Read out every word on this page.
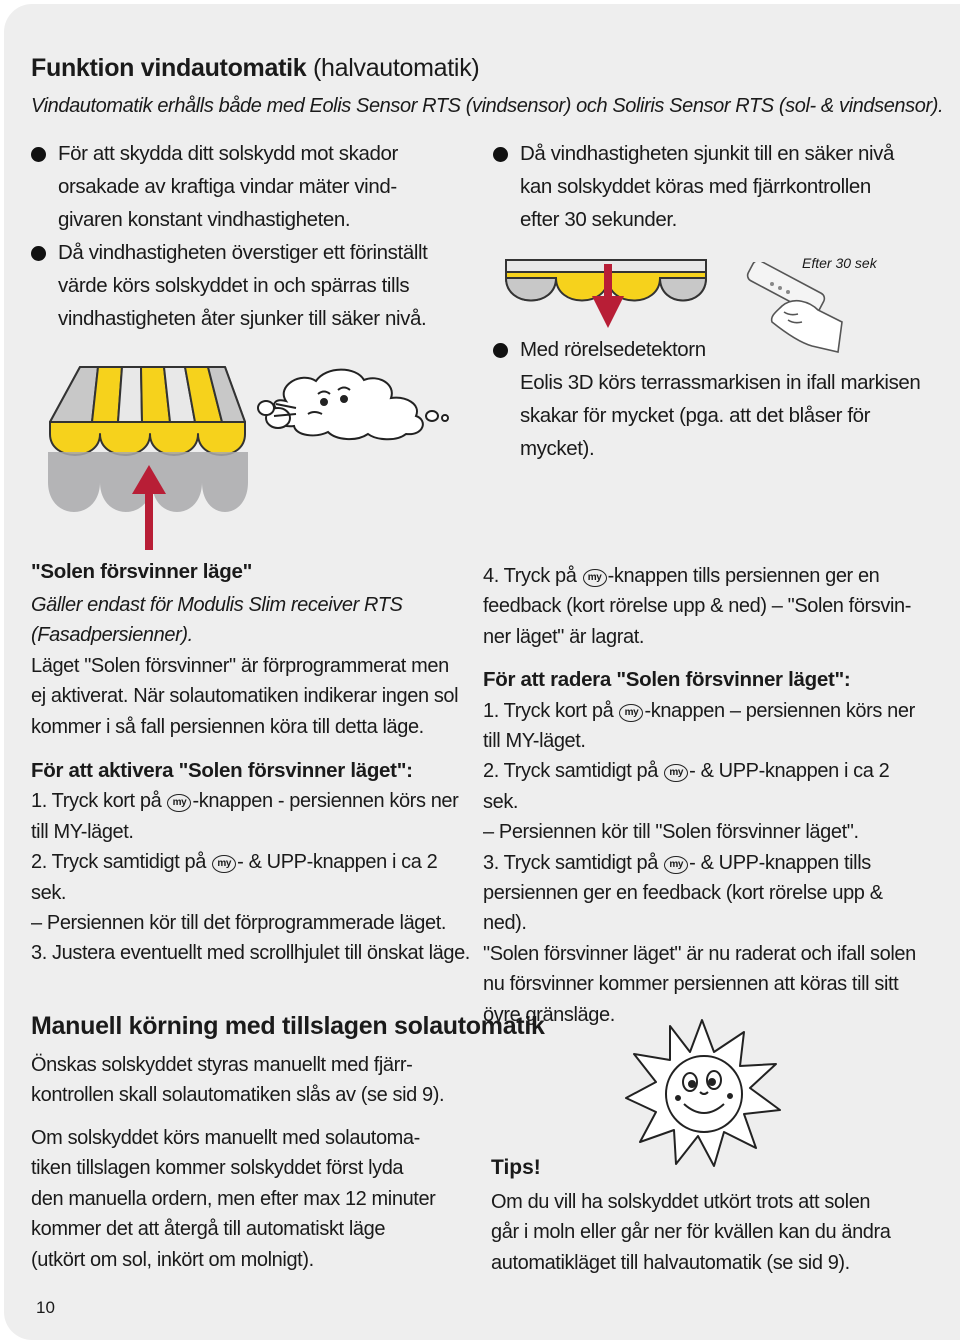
Funktion vindautomatik (halvautomatik)
Vindautomatik erhålls både med Eolis Sensor RTS (vindsensor) och Soliris Sensor RTS (sol- & vindsensor).
För att skydda ditt solskydd mot skador
orsakade av kraftiga vindar mäter vind-
givaren konstant vindhastigheten.
Då vindhastigheten överstiger ett förinställt
värde körs solskyddet in och spärras tills
vindhastigheten åter sjunker till säker nivå.
Då vindhastigheten sjunkit till en säker nivå
kan solskyddet köras med fjärrkontrollen
efter 30 sekunder.
Med rörelsedetektorn
Eolis 3D körs terrassmarkisen in ifall markisen
skakar för mycket (pga. att det blåser för
mycket).
Efter 30 sek
"Solen försvinner läge"
Gäller endast för Modulis Slim receiver RTS
(Fasadpersienner).
Läget "Solen försvinner" är förprogrammerat men
ej aktiverat. När solautomatiken indikerar ingen sol
kommer i så fall persiennen köra till detta läge.
För att aktivera "Solen försvinner läget":
1. Tryck kort på my -knappen - persiennen körs ner
till MY-läget.
2. Tryck samtidigt på my - & UPP-knappen i ca 2 sek.
– Persiennen kör till det förprogrammerade läget.
3. Justera eventuellt med scrollhjulet till önskat läge.
4. Tryck på my -knappen tills persiennen ger en
feedback (kort rörelse upp & ned) – "Solen försvin-
ner läget" är lagrat.
För att radera "Solen försvinner läget":
1. Tryck kort på my -knappen – persiennen körs ner
till MY-läget.
2. Tryck samtidigt på my - & UPP-knappen i ca 2 sek.
– Persiennen kör till "Solen försvinner läget".
3. Tryck samtidigt på my - & UPP-knappen tills
persiennen ger en feedback (kort rörelse upp & ned).
"Solen försvinner läget" är nu raderat och ifall solen
nu försvinner kommer persiennen att köras till sitt
övre gränsläge.
Manuell körning med tillslagen solautomatik
Önskas solskyddet styras manuellt med fjärr-
kontrollen skall solautomatiken slås av (se sid 9).
Om solskyddet körs manuellt med solautoma-
tiken tillslagen kommer solskyddet först lyda
den manuella ordern, men efter max 12 minuter
kommer det att återgå till automatiskt läge
(utkört om sol, inkört om molnigt).
Tips!
Om du vill ha solskyddet utkört trots att solen
går i moln eller går ner för kvällen kan du ändra
automatikläget till halvautomatik (se sid 9).
10
